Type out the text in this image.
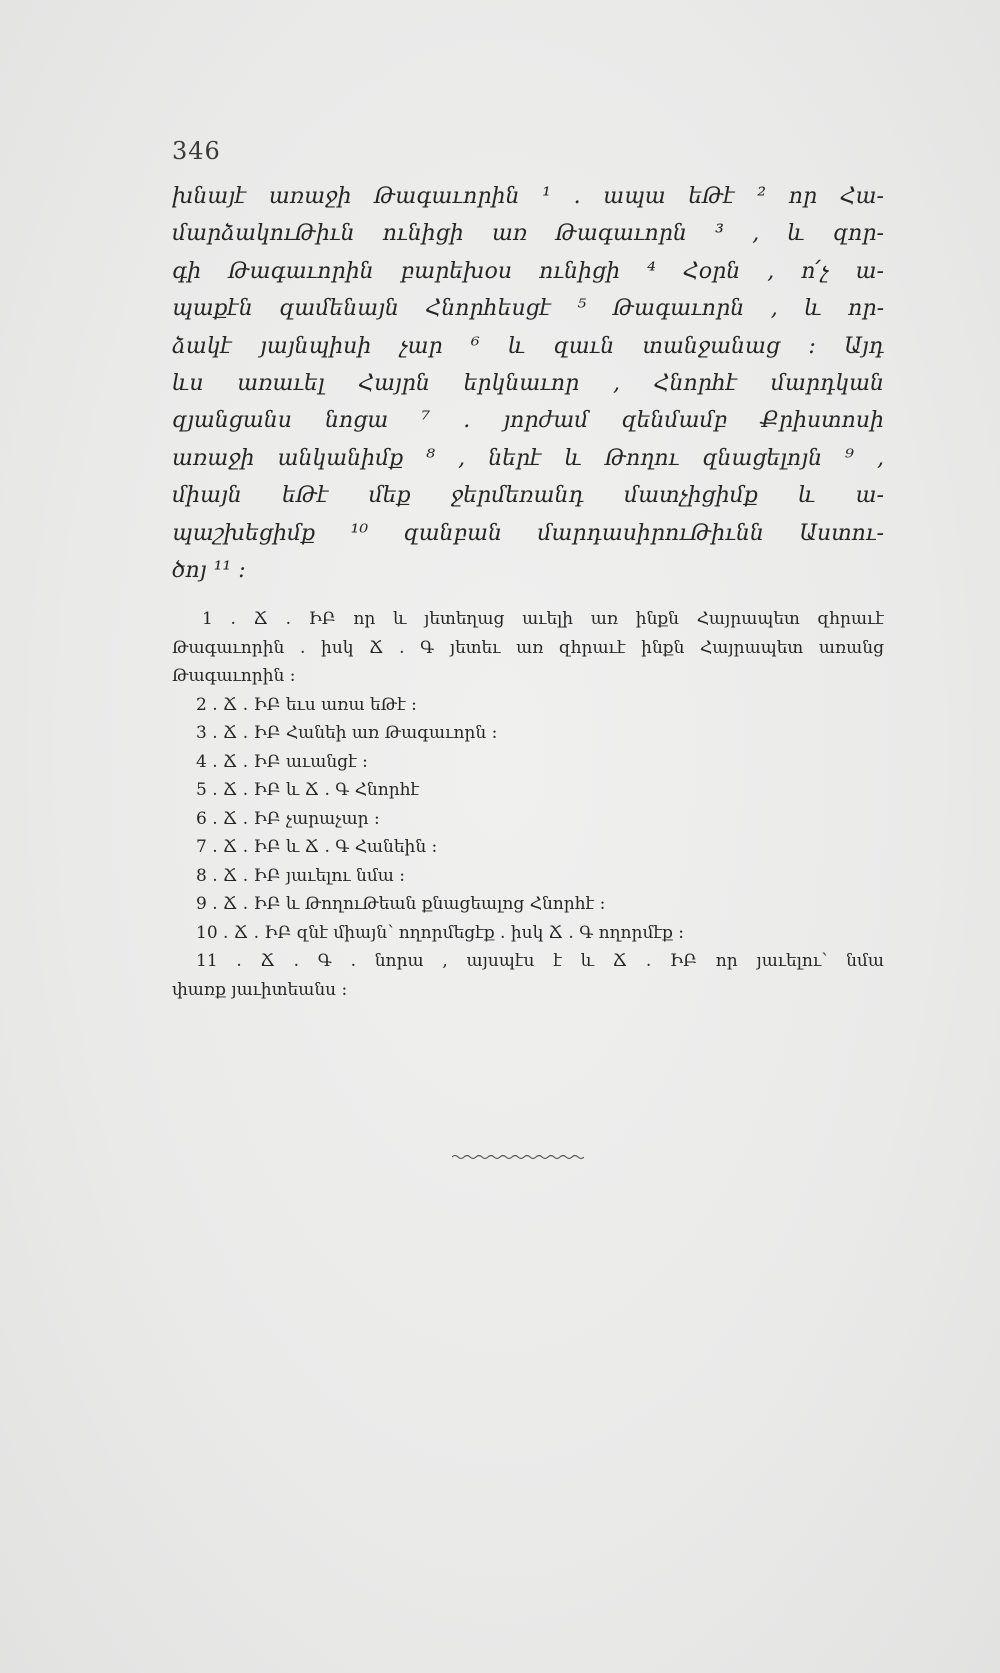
346
խնայէ առաջի Թագաւորին ¹ . ապա եԹէ ² որ Հա-
մարձակուԹիւն ունիցի առ Թագաւորն ³ , և զոր-
գի Թագաւորին բարեխօս ունիցի ⁴ Հօրն , ո՛չ ա-
պաքէն զամենայն Հնորհեսցէ ⁵ Թագաւորն , և որ-
ձակէ յայնպիսի չար ⁶ և զաւն տանջանաց ։ Այդ
ևս առաւել Հայրն երկնաւոր , Հնորհէ մարդկան
զյանցանս նոցա ⁷ . յորժամ զենմամբ Քրիստոսի
առաջի անկանիմք ⁸ , ներէ և Թողու զնացելոյն ⁹ ,
միայն եԹէ մեք ջերմեռանդ մատչիցիմք և ա-
պաշխեցիմք ¹⁰ զանբան մարդասիրուԹիւնն Աստու-
ծոյ ¹¹ ։
1 . Ճ . ԻԲ որ և յետեղաց աւելի առ ինքն Հայրապետ զհրաւէ
Թագաւորին . իսկ Ճ . Գ յետեւ առ զհրաւէ ինքն Հայրապետ առանց
Թագաւորին ։
2 . Ճ . ԻԲ եւս առա եԹէ ։
3 . Ճ . ԻԲ Հանեի առ Թագաւորն ։
4 . Ճ . ԻԲ աւանցէ ։
5 . Ճ . ԻԲ և Ճ . Գ Հնորհէ
6 . Ճ . ԻԲ չարաչար ։
7 . Ճ . ԻԲ և Ճ . Գ Հանեին ։
8 . Ճ . ԻԲ յաւելու նմա ։
9 . Ճ . ԻԲ և ԹողուԹեան քնացեալոց Հնորհէ ։
10 . Ճ . ԻԲ զնէ միայն՝ ողորմեցէք . իսկ Ճ . Գ ողորմէք ։
11 . Ճ . Գ . նորա , այսպէս է և Ճ . ԻԲ որ յաւելու՝ նմա
փառք յաւիտեանս ։
